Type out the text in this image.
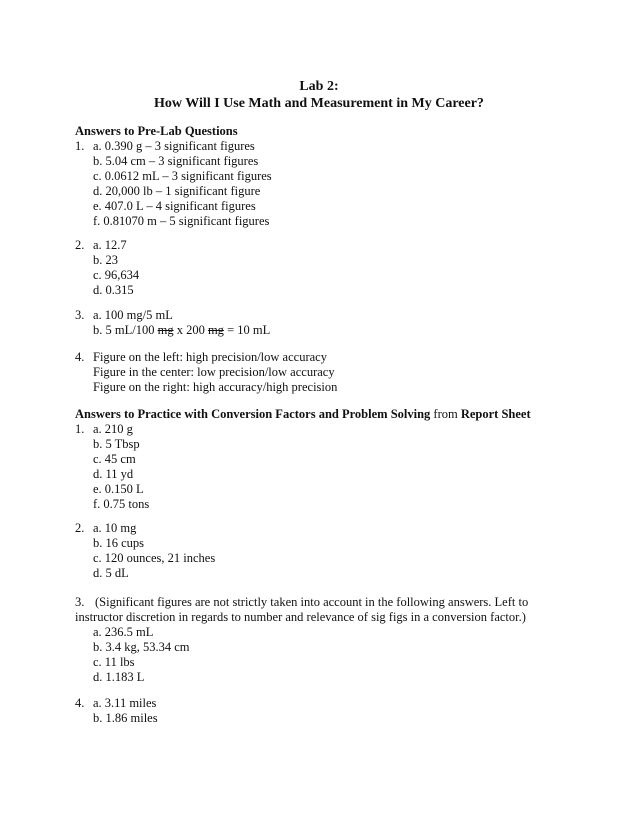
Lab 2:
How Will I Use Math and Measurement in My Career?
Answers to Pre-Lab Questions
1. a. 0.390 g – 3 significant figures
b. 5.04 cm – 3 significant figures
c. 0.0612 mL – 3 significant figures
d. 20,000 lb – 1 significant figure
e. 407.0 L – 4 significant figures
f. 0.81070 m – 5 significant figures
2. a. 12.7
b. 23
c. 96,634
d. 0.315
3. a. 100 mg/5 mL
b. 5 mL/100 mg x 200 mg = 10 mL
4. Figure on the left: high precision/low accuracy
Figure in the center: low precision/low accuracy
Figure on the right: high accuracy/high precision
Answers to Practice with Conversion Factors and Problem Solving from Report Sheet
1. a. 210 g
b. 5 Tbsp
c. 45 cm
d. 11 yd
e. 0.150 L
f. 0.75 tons
2. a. 10 mg
b. 16 cups
c. 120 ounces, 21 inches
d. 5 dL
3. (Significant figures are not strictly taken into account in the following answers. Left to
instructor discretion in regards to number and relevance of sig figs in a conversion factor.)
a. 236.5 mL
b. 3.4 kg, 53.34 cm
c. 11 lbs
d. 1.183 L
4. a. 3.11 miles
b. 1.86 miles
